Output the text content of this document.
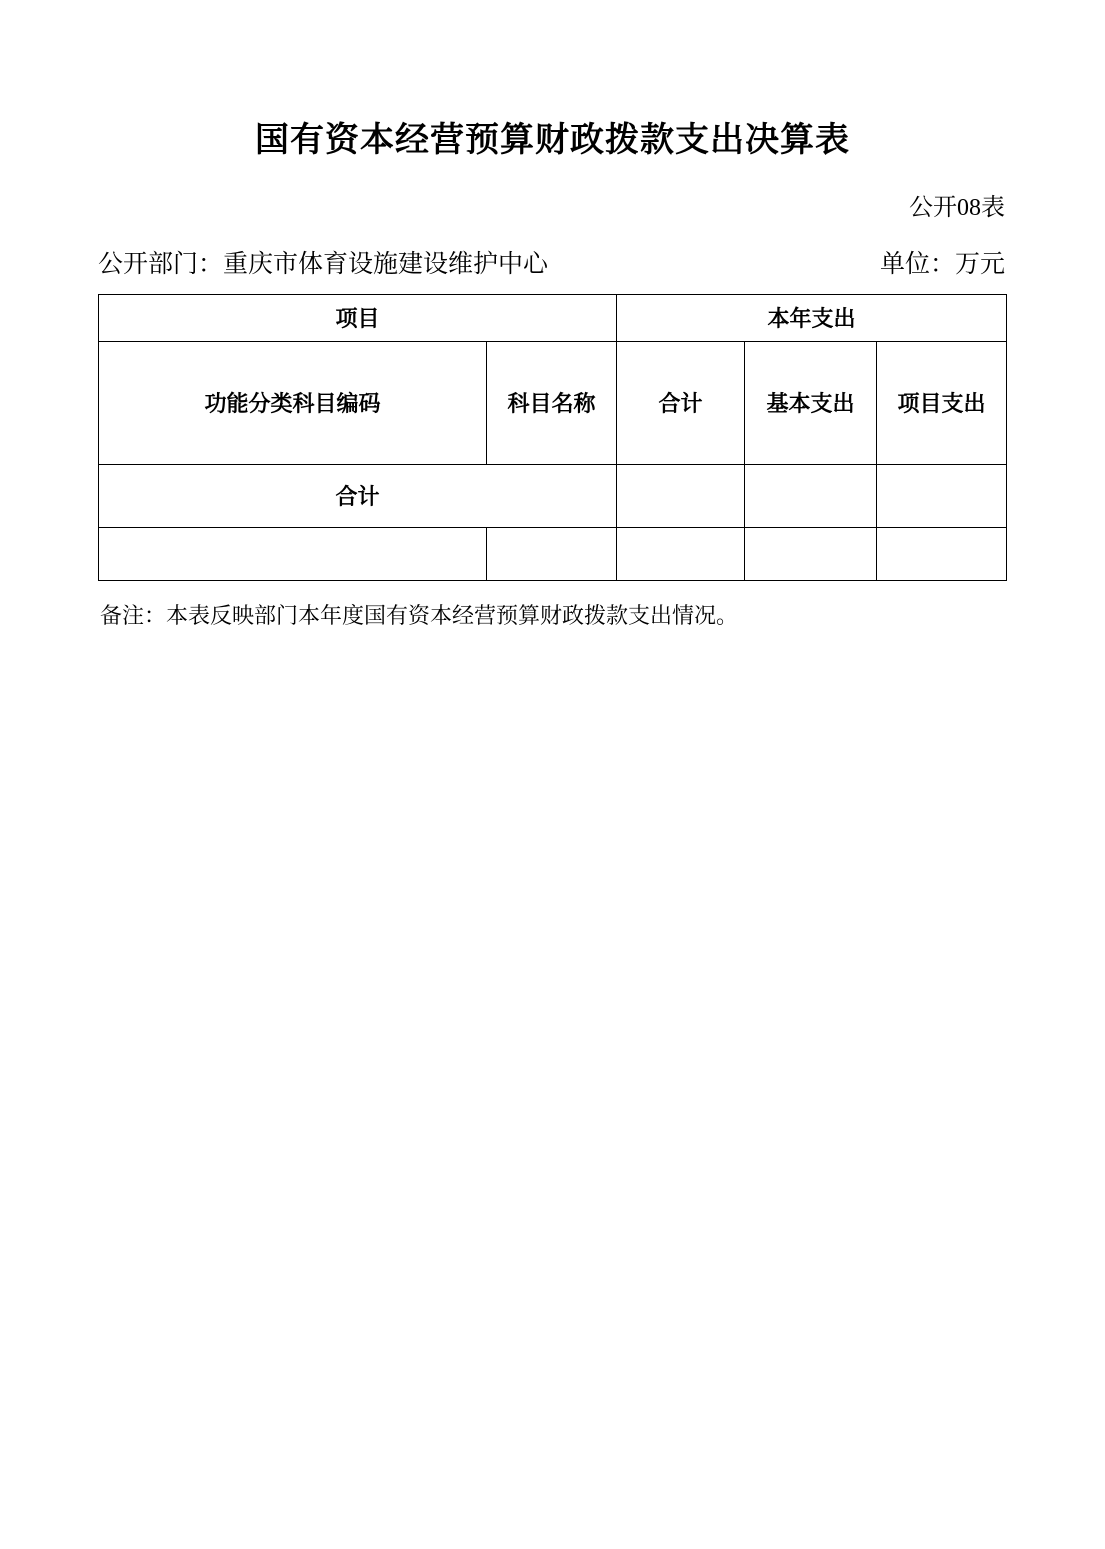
国有资本经营预算财政拨款支出决算表
公开08表
公开部门：重庆市体育设施建设维护中心	单位：万元
项目		本年支出		
功能分类科目编码	科目名称	合计	基本支出	项目支出
合计				

备注：本表反映部门本年度国有资本经营预算财政拨款支出情况。
